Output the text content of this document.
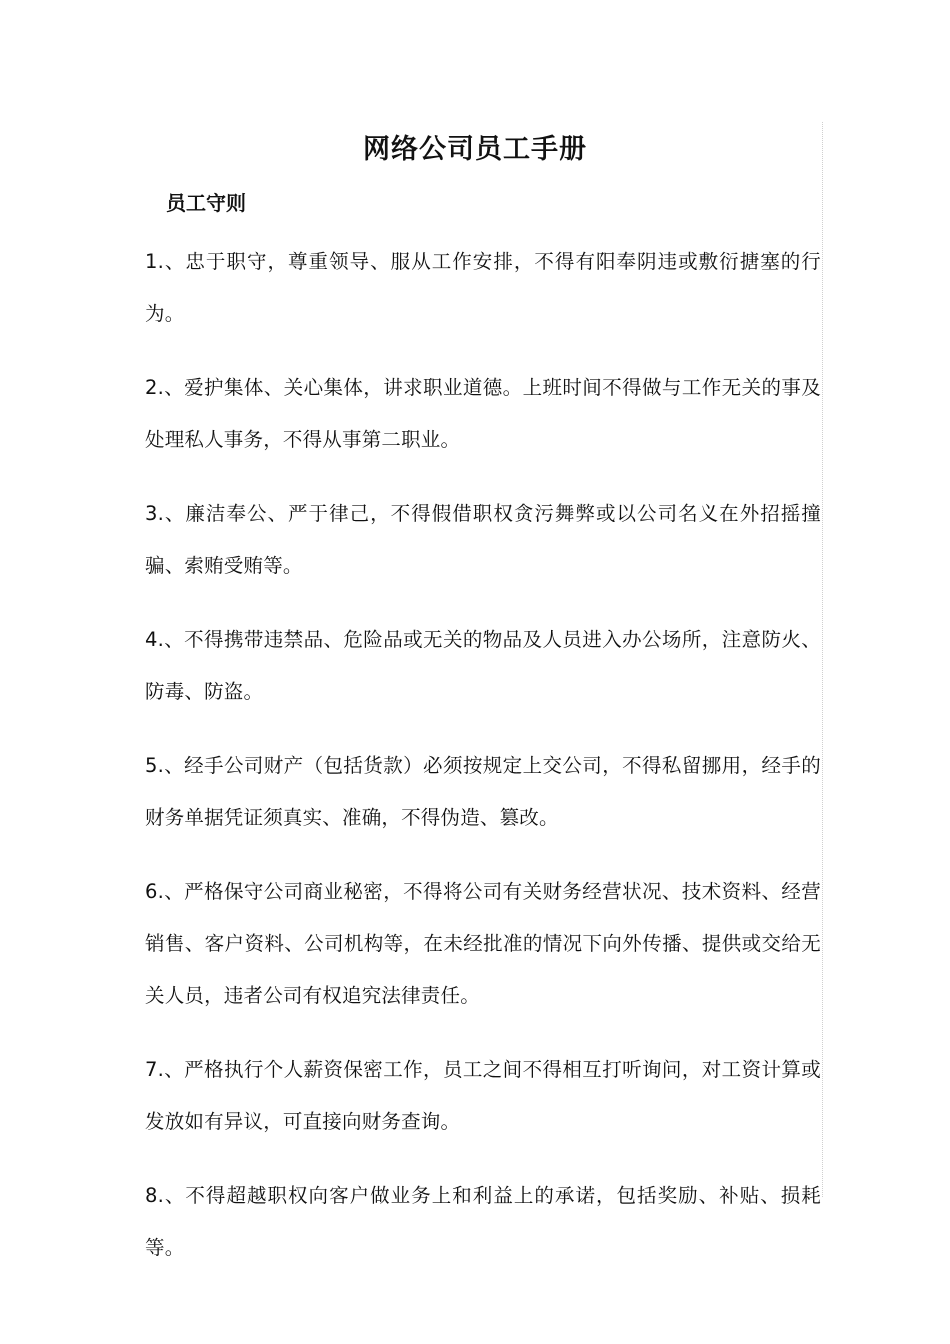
网络公司员工手册
员工守则

1.、忠于职守，尊重领导、服从工作安排，不得有阳奉阴违或敷衍搪塞的行为。

2.、爱护集体、关心集体，讲求职业道德。上班时间不得做与工作无关的事及处理私人事务，不得从事第二职业。

3.、廉洁奉公、严于律己，不得假借职权贪污舞弊或以公司名义在外招摇撞骗、索贿受贿等。

4.、不得携带违禁品、危险品或无关的物品及人员进入办公场所，注意防火、防毒、防盗。

5.、经手公司财产（包括货款）必须按规定上交公司，不得私留挪用，经手的财务单据凭证须真实、准确，不得伪造、篡改。

6.、严格保守公司商业秘密，不得将公司有关财务经营状况、技术资料、经营销售、客户资料、公司机构等，在未经批准的情况下向外传播、提供或交给无关人员，违者公司有权追究法律责任。

7.、严格执行个人薪资保密工作，员工之间不得相互打听询问，对工资计算或发放如有异议，可直接向财务查询。

8.、不得超越职权向客户做业务上和利益上的承诺，包括奖励、补贴、损耗等。
